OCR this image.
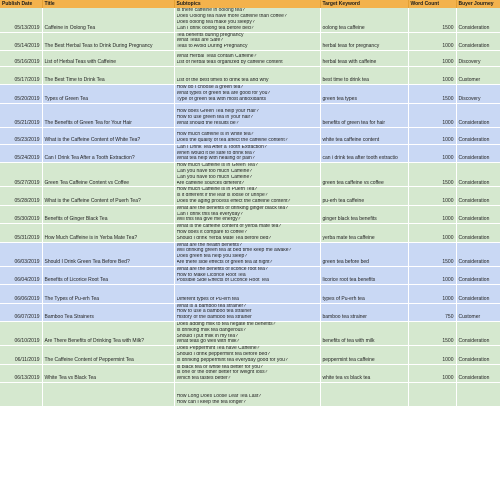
Publish Date	Title	Subtopics	Target Keyword	Word Count	Buyer Journey
05/13/2019	Caffeine in Oolong Tea	Is there caffeine in oolong tea?
Does Oolong tea have more caffeine than coffee?
Does oolong tea make you sleepy?
Can I drink oolong tea before bed?	oolong tea caffeine	1500	Consideration
05/14/2019	The Best Herbal Teas to Drink During Pregnancy	Tea benefits during pregnancy
What Teas are Safe?
Teas to Avoid During Pregnancy	herbal teas for pregnancy	1000	Consideration
05/16/2019	List of Herbal Teas with Caffeine	What Herbal Teas contain Caffeine?
List of herbal teas organized by caffeine content	herbal teas with caffeine	1000	Discovery
05/17/2019	The Best Time to Drink Tea	List of the best times to drink tea and why	best time to drink tea	1000	Customer
05/20/2019	Types of Green Tea	How do I choose a green tea?
What types of green tea are good for you?
Type of green tea with most antioxidants	green tea types	1500	Discovery
05/21/2019	The Benefits of Green Tea for Your Hair	How does Green Tea help your Hair?
How to use green tea in your hair?
What should the results be?	benefits of green tea for hair	1000	Consideration
05/23/2019	What is the Caffeine Content of White Tea?	How much caffeine is in white tea?
Does the quality of tea affect the caffeine content?	white tea caffeine content	1000	Consideration
05/24/2019	Can I Drink Tea After a Tooth Extraction?	Can I Drink Tea After a Tooth Extraction?
When would it be safe to drink tea?
What tea help with healing or pain?	can i drink tea after tooth extractio	1000	Consideration
05/27/2019	Green Tea Caffeine Content vs Coffee	How much Caffeine is in Green Tea?
Can you have too much Caffeine?
Can you have too much Caffeine?
Are caffeine sources different?	green tea caffeine vs coffee	1500	Consideration
05/28/2019	What is the Caffeine Content of Puerh Tea?	How much Caffeine is in Puerh Tea?
Is it different if the leaf is loose or unripe?
Does the aging process effect the caffeine content?	pu-erh tea caffeine	1000	Consideration
05/30/2019	Benefits of Ginger Black Tea	What are the benefits of drinking ginger black tea?
Can I drink this tea everyday?
Will this tea give me energy?	ginger black tea benefits	1000	Consideration
05/31/2019	How Much Caffeine is in Yerba Mate Tea?	What is the caffeine content of yerba mate tea?
How does it compare to coffee?
Should I drink Yerba Mate Tea before bed?	yerba mate tea caffeine	1000	Consideration
06/03/2019	Should I Drink Green Tea Before Bed?	What are the health benefits?
Will drinking green tea at bed time keep me awake?
Does green tea help you sleep?
Are there side effects of green tea at night?	green tea before bed	1500	Consideration
06/04/2019	Benefits of Licorice Root Tea	What are the benefits of licorice root tea?
How to Make Licorice Root Tea
Possible Side Effects of Licorice Root Tea	licorice root tea benefits	1000	Consideration
06/06/2019	The Types of Pu-erh Tea	Different types of Pu-erh tea	types of Pu-erh tea	1000	Consideration
06/07/2019	Bamboo Tea Strainers	What is a bamboo tea strainer?
How to use a bamboo tea strainer
History of the bamboo tea strainer	bamboo tea strainer	750	Customer
06/10/2019	Are There Benefits of Drinking Tea with Milk?	Does adding milk to tea negate the benefits?
Is drinking milk tea dangerous?
Should I put milk in my tea?
What teas go well with milk?	benefits of tea with milk	1500	Consideration
06/11/2019	The Caffeine Content of Peppermint Tea	Does Peppermint Tea have Caffeine?
Should I drink peppermint tea before bed?
Is drinking peppermint tea everyday good for you?	peppermint tea caffeine	1000	Consideration
06/13/2019	White Tea vs Black Tea	Is black tea or white tea better for you?
Is one or the other better for weight loss?
Which tea tastes better?	white tea vs black tea	1000	Consideration

		How Long Does Loose Leaf Tea Last?
How can I keep the tea longer?			
